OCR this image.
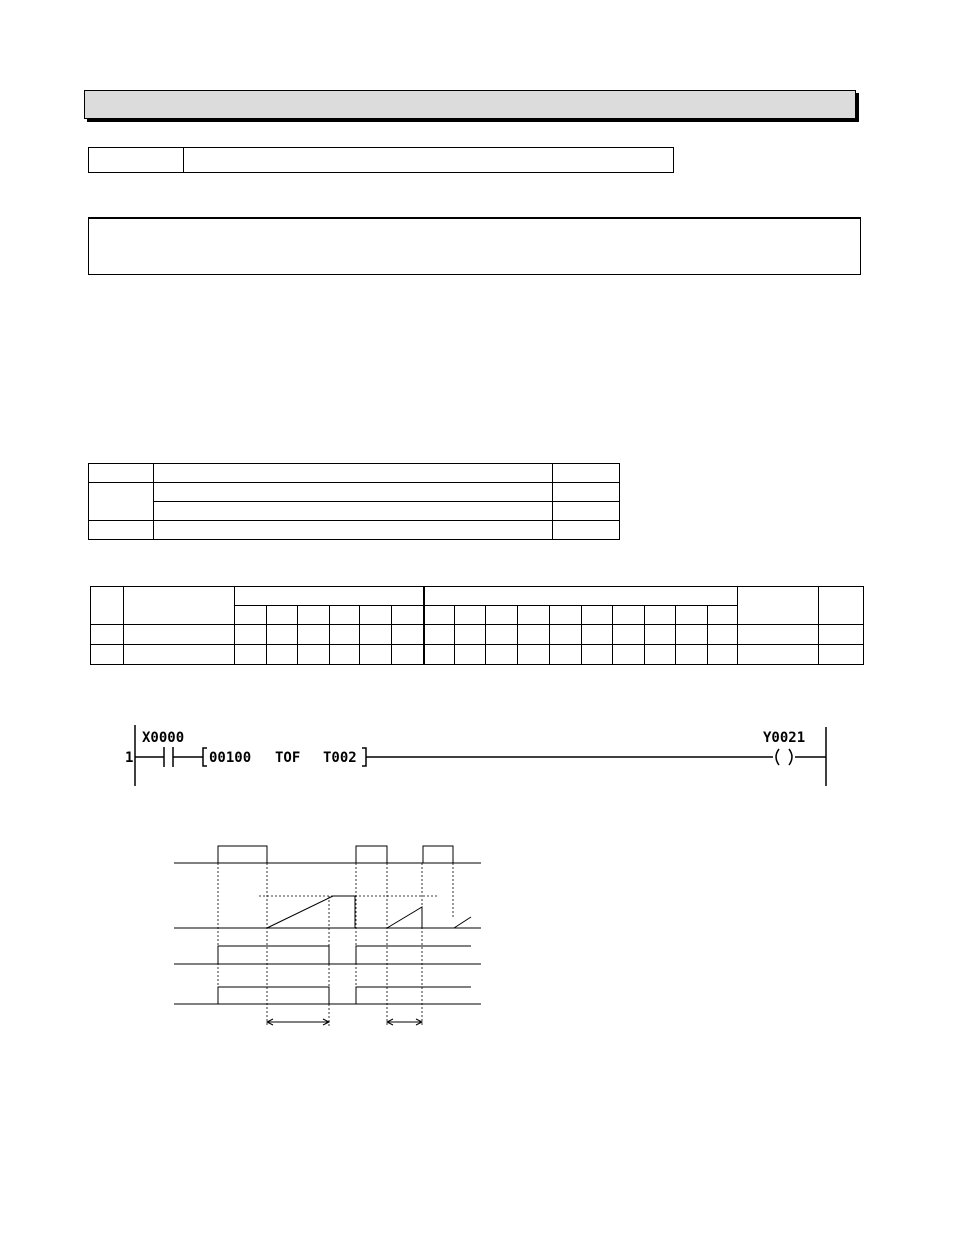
1
X0000
00100 TOF T002
Y0021
